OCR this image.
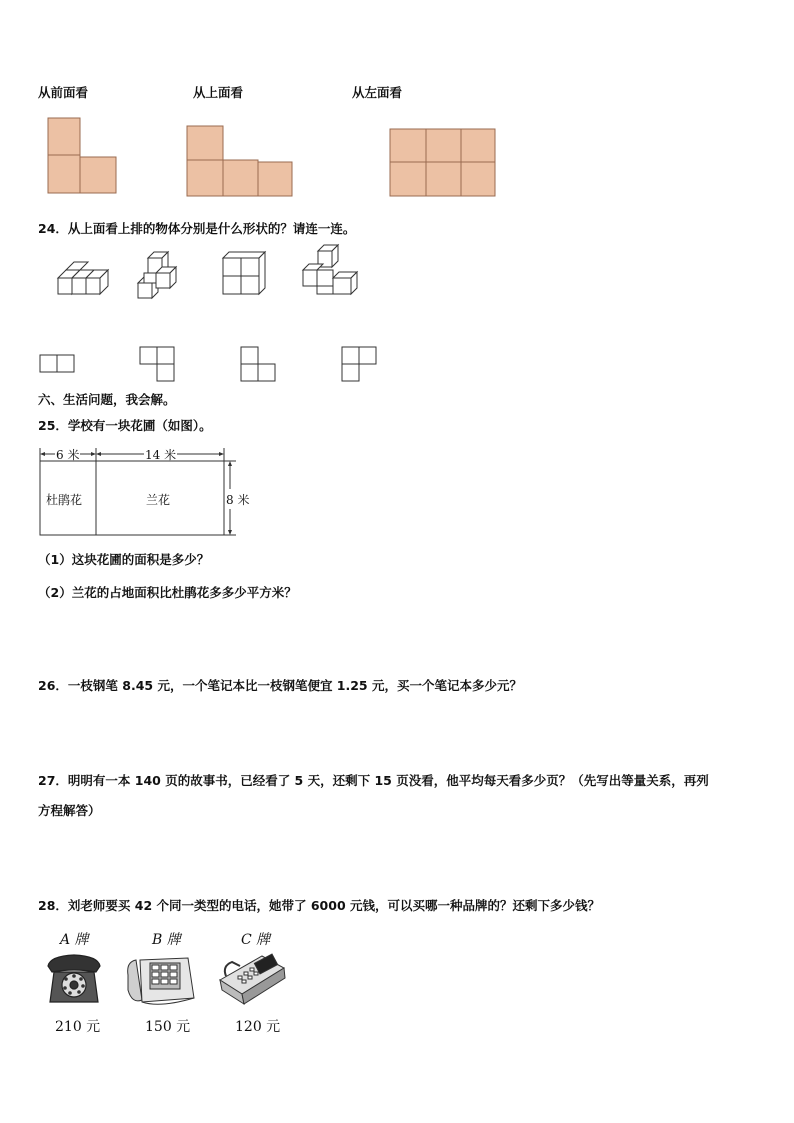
从前面看	从上面看	从左面看
24．从上面看上排的物体分别是什么形状的？请连一连。
六、生活问题，我会解。
25．学校有一块花圃（如图）。
6 米	14 米
8 米
杜鹃花	兰花
（1）这块花圃的面积是多少？
（2）兰花的占地面积比杜鹃花多多少平方米？
26．一枝钢笔 8.45 元，一个笔记本比一枝钢笔便宜 1.25 元，买一个笔记本多少元？
27．明明有一本 140 页的故事书，已经看了 5 天，还剩下 15 页没看，他平均每天看多少页？（先写出等量关系，再列
方程解答）
28．刘老师要买 42 个同一类型的电话，她带了 6000 元钱，可以买哪一种品牌的？还剩下多少钱？
A 牌	B 牌	C 牌
210 元	150 元	120 元
